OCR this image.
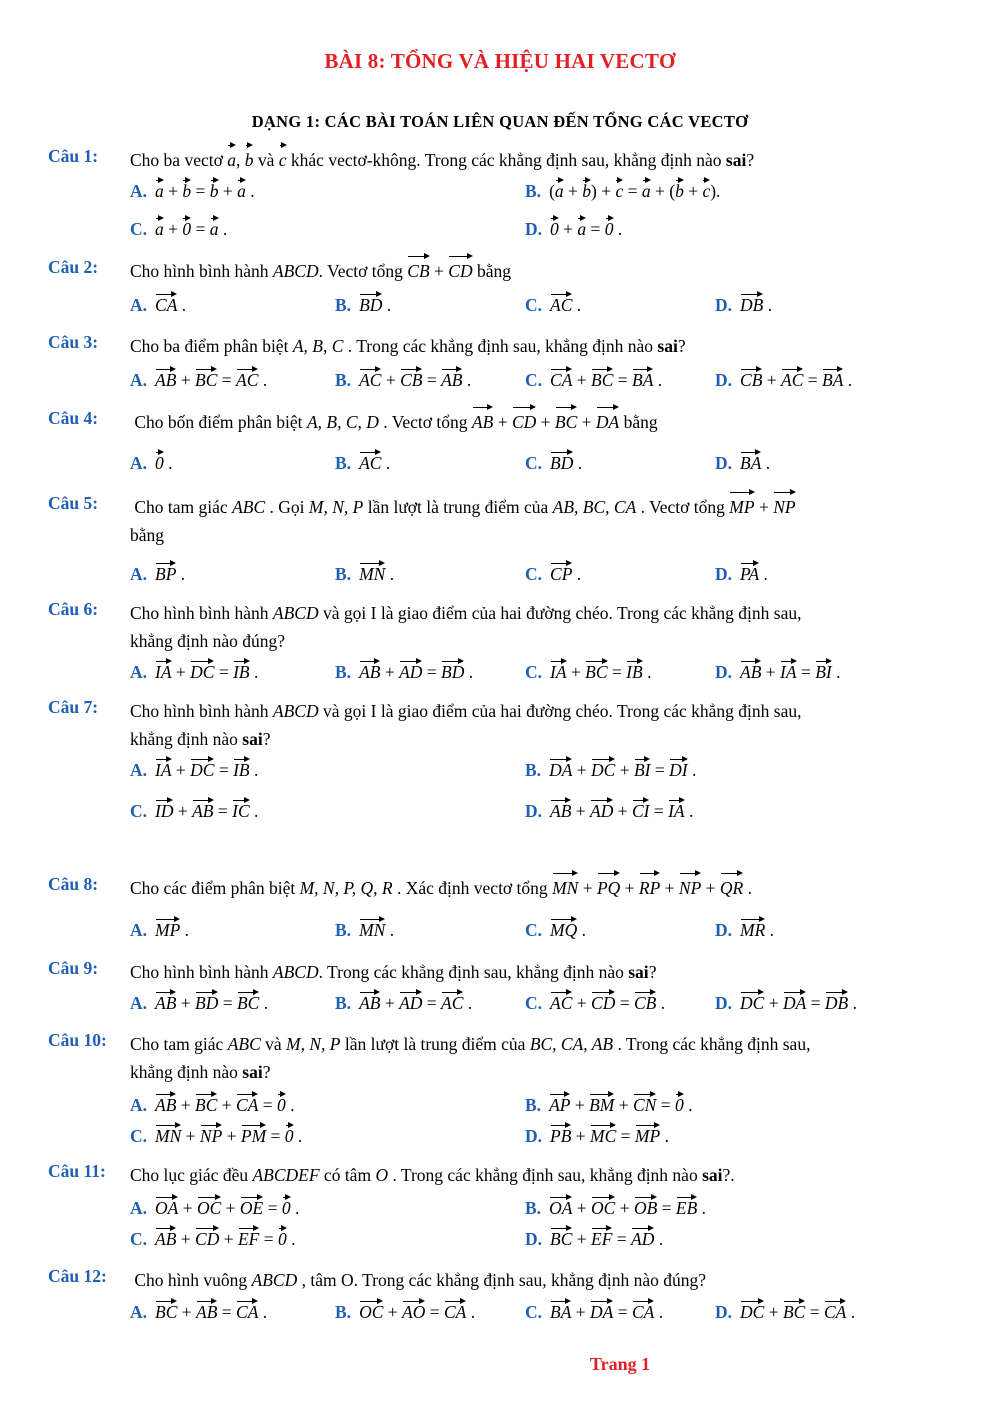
BÀI 8: TỔNG VÀ HIỆU HAI VECTƠ
DẠNG 1: CÁC BÀI TOÁN LIÊN QUAN ĐẾN TỔNG CÁC VECTƠ
Câu 1: Cho ba vectơ a, b và c khác vectơ-không. Trong các khẳng định sau, khẳng định nào sai?
A. a + b = b + a .	B. (a + b) + c = a + (b + c).
C. a + 0 = a .	D. 0 + a = 0 .
Câu 2: Cho hình bình hành ABCD. Vectơ tổng CB + CD bằng
A. CA .	B. BD .	C. AC .	D. DB .
Câu 3: Cho ba điểm phân biệt A, B, C . Trong các khẳng định sau, khẳng định nào sai?
A. AB + BC = AC .	B. AC + CB = AB .	C. CA + BC = BA .	D. CB + AC = BA .
Câu 4: Cho bốn điểm phân biệt A, B, C, D . Vectơ tổng AB + CD + BC + DA bằng
A. 0 .	B. AC .	C. BD .	D. BA .
Câu 5: Cho tam giác ABC . Gọi M, N, P lần lượt là trung điểm của AB, BC, CA . Vectơ tổng MP + NP
bằng
A. BP .	B. MN .	C. CP .	D. PA .
Câu 6: Cho hình bình hành ABCD và gọi I là giao điểm của hai đường chéo. Trong các khẳng định sau,
khẳng định nào đúng?
A. IA + DC = IB .	B. AB + AD = BD .	C. IA + BC = IB .	D. AB + IA = BI .
Câu 7: Cho hình bình hành ABCD và gọi I là giao điểm của hai đường chéo. Trong các khẳng định sau,
khẳng định nào sai?
A. IA + DC = IB .	B. DA + DC + BI = DI .
C. ID + AB = IC .	D. AB + AD + CI = IA .
Câu 8: Cho các điểm phân biệt M, N, P, Q, R . Xác định vectơ tổng MN + PQ + RP + NP + QR .
A. MP .	B. MN .	C. MQ .	D. MR .
Câu 9: Cho hình bình hành ABCD. Trong các khẳng định sau, khẳng định nào sai?
A. AB + BD = BC .	B. AB + AD = AC .	C. AC + CD = CB .	D. DC + DA = DB .
Câu 10: Cho tam giác ABC và M, N, P lần lượt là trung điểm của BC, CA, AB . Trong các khẳng định sau,
khẳng định nào sai?
A. AB + BC + CA = 0 .	B. AP + BM + CN = 0 .
C. MN + NP + PM = 0 .	D. PB + MC = MP .
Câu 11: Cho lục giác đều ABCDEF có tâm O . Trong các khẳng định sau, khẳng định nào sai?.
A. OA + OC + OE = 0 .	B. OA + OC + OB = EB .
C. AB + CD + EF = 0 .	D. BC + EF = AD .
Câu 12: Cho hình vuông ABCD , tâm O. Trong các khẳng định sau, khẳng định nào đúng?
A. BC + AB = CA .	B. OC + AO = CA .	C. BA + DA = CA .	D. DC + BC = CA .
Trang 1
